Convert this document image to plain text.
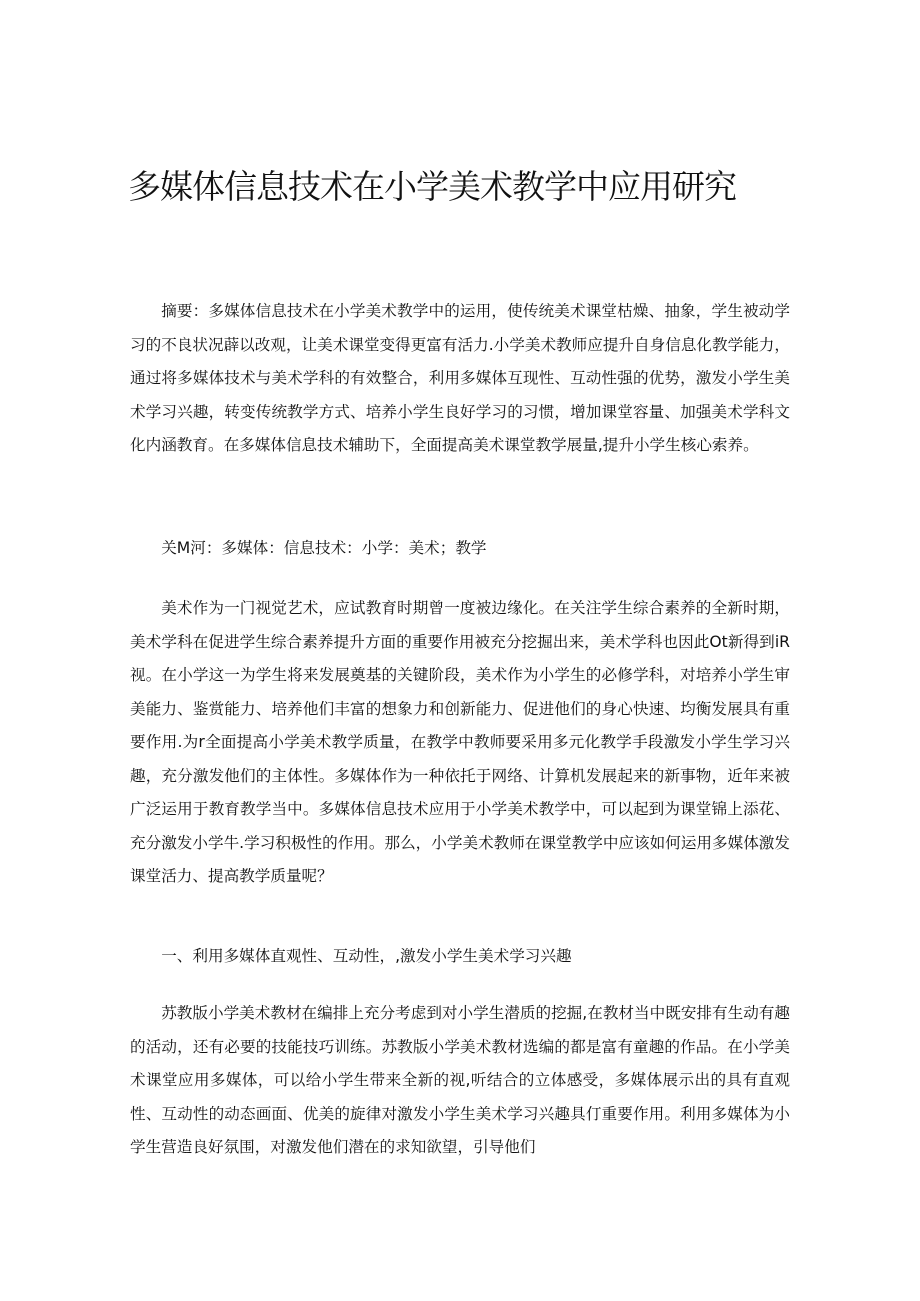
多媒体信息技术在小学美术教学中应用研究

摘要：多媒体信息技术在小学美术教学中的运用，使传统美术课堂枯燥、抽象，学生被动学习的不良状况薜以改观，让美术课堂变得更富有活力.小学美术教师应提升自身信息化教学能力，通过将多媒体技术与美术学科的有效整合，利用多媒体互现性、互动性强的优势，激发小学生美术学习兴趣，转变传统教学方式、培养小学生良好学习的习惯，增加课堂容量、加强美术学科文化内涵教育。在多媒体信息技术辅助下，全面提高美术课堂教学展量,提升小学生核心索养。

关M河：多媒体：信息技术：小学：美术；教学

美术作为一门视觉艺术，应试教育时期曾一度被边缘化。在关注学生综合素养的全新时期，美术学科在促进学生综合素养提升方面的重要作用被充分挖掘出来，美术学科也因此Ot新得到iR视。在小学这一为学生将来发展奠基的关键阶段，美术作为小学生的必修学科，对培养小学生审美能力、鉴赏能力、培养他们丰富的想象力和创新能力、促进他们的身心快速、均衡发展具有重要作用.为r全面提高小学美术教学质量，在教学中教师要采用多元化教学手段激发小学生学习兴趣，充分激发他们的主体性。多媒体作为一种依托于网络、计算机发展起来的新事物，近年来被广泛运用于教育教学当中。多媒体信息技术应用于小学美术教学中，可以起到为课堂锦上添花、充分激发小学牛.学习积极性的作用。那么，小学美术教师在课堂教学中应该如何运用多媒体激发课堂活力、提高教学质量呢？

一、利用多媒体直观性、互动性，,激发小学生美术学习兴趣

苏教版小学美术教材在编排上充分考虑到对小学生潜质的挖掘,在教材当中既安排有生动有趣的活动，还有必要的技能技巧训练。苏教版小学美术教材选编的都是富有童趣的作品。在小学美术课堂应用多媒体，可以给小学生带来全新的视,听结合的立体感受，多媒体展示出的具有直观性、互动性的动态画面、优美的旋律对激发小学生美术学习兴趣具仃重要作用。利用多媒体为小学生营造良好氛围，对激发他们潜在的求知欲望，引导他们
